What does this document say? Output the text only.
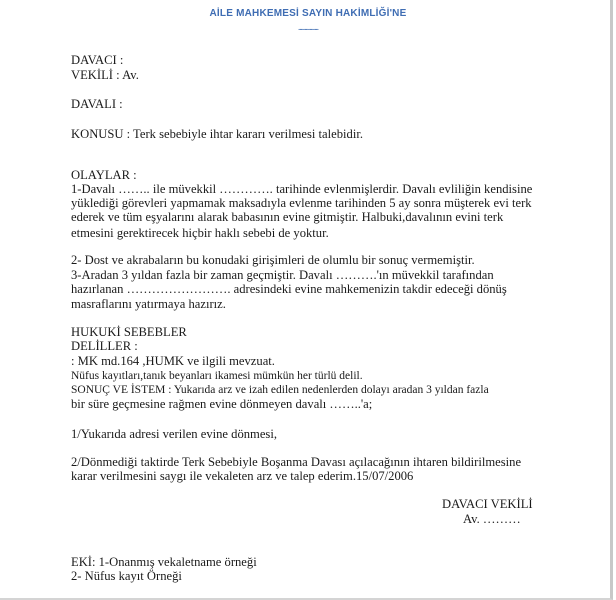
AİLE MAHKEMESİ SAYIN HAKİMLİĞİ'NE
................
DAVACI :
VEKİLİ : Av.
DAVALI :
KONUSU : Terk sebebiyle ihtar kararı verilmesi talebidir.
OLAYLAR :
1-Davalı …….. ile müvekkil …………. tarihinde evlenmişlerdir. Davalı evliliğin kendisine
yüklediği görevleri yapmamak maksadıyla evlenme tarihinden 5 ay sonra müşterek evi terk
ederek ve tüm eşyalarını alarak babasının evine gitmiştir. Halbuki,davalının evini terk
etmesini gerektirecek hiçbir haklı sebebi de yoktur.
2- Dost ve akrabaların bu konudaki girişimleri de olumlu bir sonuç vermemiştir.
3-Aradan 3 yıldan fazla bir zaman geçmiştir. Davalı ……….'ın müvekkil tarafından
hazırlanan ……………………. adresindeki evine mahkemenizin takdir edeceği dönüş
masraflarını yatırmaya hazırız.
HUKUKİ SEBEBLER
DELİLLER :
: MK md.164 ,HUMK ve ilgili mevzuat.
Nüfus kayıtları,tanık beyanları ikamesi mümkün her türlü delil.
SONUÇ VE İSTEM : Yukarıda arz ve izah edilen nedenlerden dolayı aradan 3 yıldan fazla
bir süre geçmesine rağmen evine dönmeyen davalı ……..'a;
1/Yukarıda adresi verilen evine dönmesi,
2/Dönmediği taktirde Terk Sebebiyle Boşanma Davası açılacağının ihtaren bildirilmesine
karar verilmesini saygı ile vekaleten arz ve talep ederim.15/07/2006
DAVACI VEKİLİ
Av. ………
EKİ: 1-Onanmış vekaletname örneği
2- Nüfus kayıt Örneği
